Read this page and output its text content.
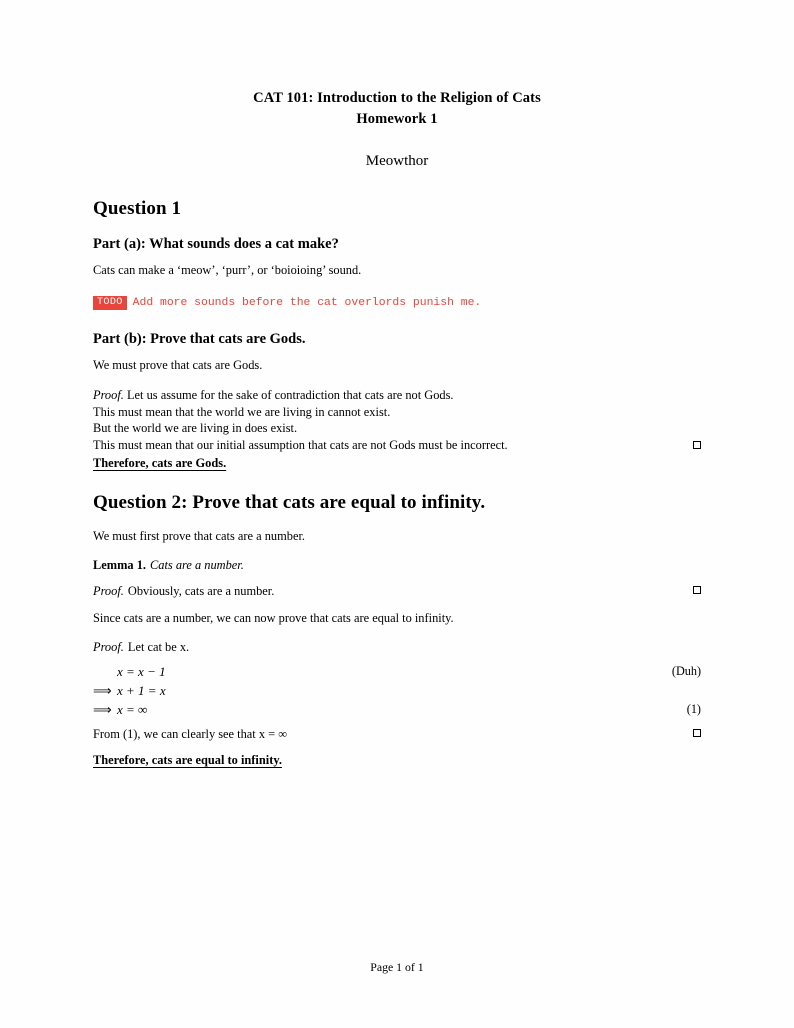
CAT 101: Introduction to the Religion of Cats
Homework 1
Meowthor
Question 1
Part (a): What sounds does a cat make?

Cats can make a ‘meow’, ‘purr’, or ‘boioioing’ sound.

TODO Add more sounds before the cat overlords punish me.
Part (b): Prove that cats are Gods.

We must prove that cats are Gods.

Proof. Let us assume for the sake of contradiction that cats are not Gods.
This must mean that the world we are living in cannot exist.
But the world we are living in does exist.
This must mean that our initial assumption that cats are not Gods must be incorrect.
Therefore, cats are Gods.
Question 2: Prove that cats are equal to infinity.

We must first prove that cats are a number.

Lemma 1. Cats are a number.
Proof. Obviously, cats are a number.

Since cats are a number, we can now prove that cats are equal to infinity.

Proof. Let cat be x.
x = x − 1	(Duh)
⟹ x + 1 = x
⟹ x = ∞	(1)
From (1), we can clearly see that x = ∞
Therefore, cats are equal to infinity.
Page 1 of 1
